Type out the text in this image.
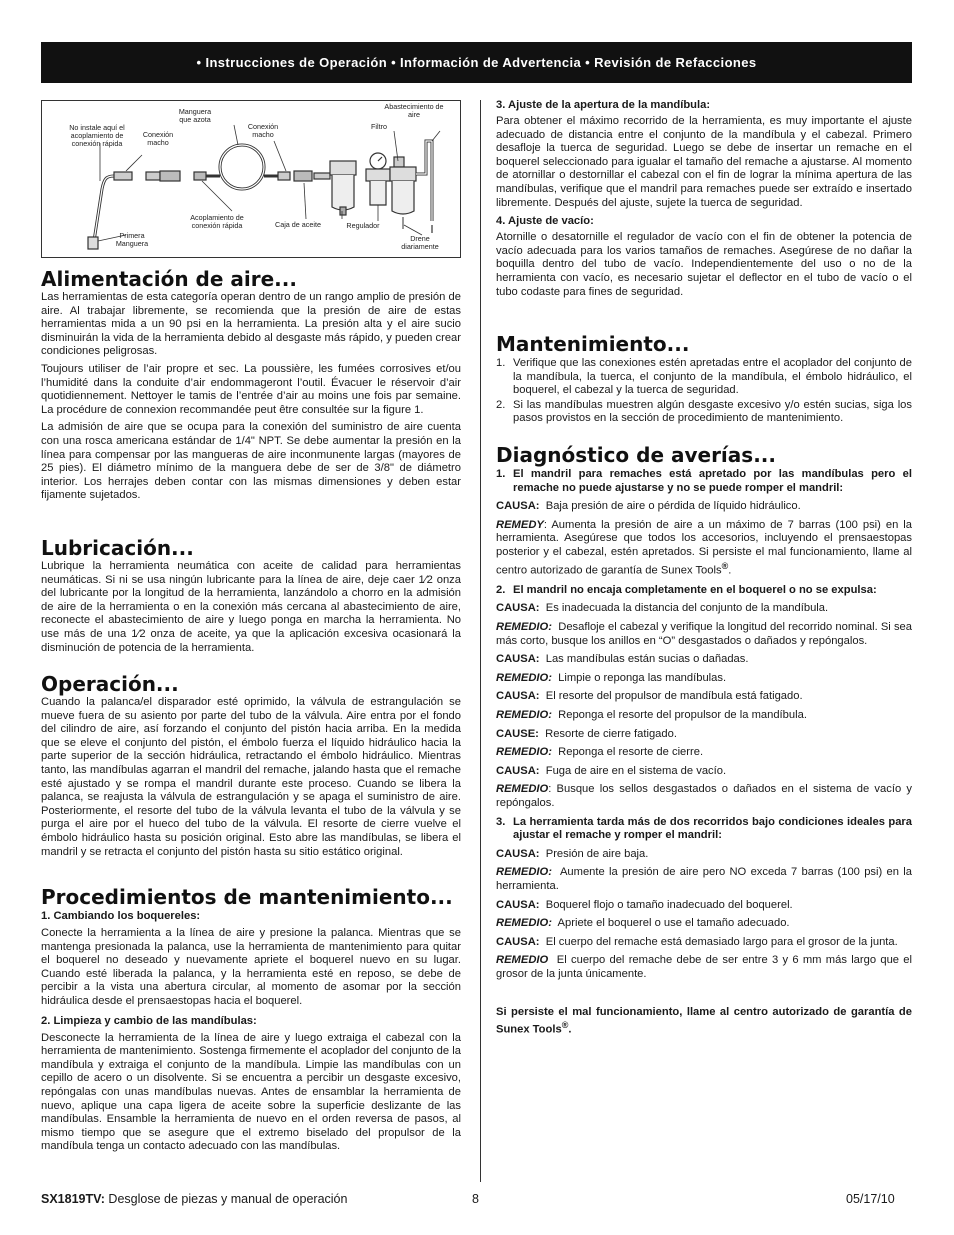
• Instrucciones de Operación • Información de Advertencia • Revisión de Refacciones
No instale aquí el acoplamiento de conexión rápida
Conexión macho
Manguera que azota
Conexión macho
Abastecimiento de aire
Filtro
Primera Manguera
Acoplamiento de conexión rápida	Caja de aceite	Regulador
Drene diariamente
Alimentación de aire...

Las herramientas de esta categoría operan dentro de un rango amplio de presión de aire. Al trabajar libremente, se recomienda que la presión de aire de estas herramientas mida a un 90 psi en la herramienta. La presión alta y el aire sucio disminuirán la vida de la herramienta debido al desgaste más rápido, y pueden crear condiciones peligrosas.

Toujours utiliser de l’air propre et sec. La poussière, les fumées corrosives et/ou l’humidité dans la conduite d’air endommageront l’outil. Évacuer le réservoir d’air quotidiennement. Nettoyer le tamis de l’entrée d’air au moins une fois par semaine. La procédure de connexion recommandée peut être consultée sur la figure 1.

La admisión de aire que se ocupa para la conexión del suministro de aire cuenta con una rosca americana estándar de 1/4" NPT. Se debe aumentar la presión en la línea para compensar por las mangueras de aire inconmunente largas (mayores de 25 pies). El diámetro mínimo de la manguera debe de ser de 3/8" de diámetro interior. Los herrajes deben contar con las mismas dimensiones y deben estar fijamente sujetados.

Lubricación...

Lubrique la herramienta neumática con aceite de calidad para herramientas neumáticas. Si ni se usa ningún lubricante para la línea de aire, deje caer 1⁄2 onza del lubricante por la longitud de la herramienta, lanzándolo a chorro en la admisión de aire de la herramienta o en la conexión más cercana al abastecimiento de aire, reconecte el abastecimiento de aire y luego ponga en marcha la herramienta. No use más de una 1⁄2 onza de aceite, ya que la aplicación excesiva ocasionará la disminución de potencia de la herramienta.

Operación...

Cuando la palanca/el disparador esté oprimido, la válvula de estrangulación se mueve fuera de su asiento por parte del tubo de la válvula. Aire entra por el fondo del cilindro de aire, así forzando el conjunto del pistón hacia arriba. En la medida que se eleve el conjunto del pistón, el émbolo fuerza el líquido hidráulico hacia la parte superior de la sección hidráulica, retractando el émbolo hidráulico. Mientras tanto, las mandíbulas agarran el mandril del remache, jalando hasta que el remache esté ajustado y se rompa el mandril durante este proceso. Cuando se libera la palanca, se reajusta la válvula de estrangulación y se apaga el suministro de aire. Posteriormente, el resorte del tubo de la válvula levanta el tubo de la válvula y se purga el aire por el hueco del tubo de la válvula. El resorte de cierre vuelve el émbolo hidráulico hasta su posición original. Esto abre las mandíbulas, se libera el mandril y se retracta el conjunto del pistón hasta su sitio estático original.

Procedimientos de mantenimiento...
1. Cambiando los boquereles:

Conecte la herramienta a la línea de aire y presione la palanca. Mientras que se mantenga presionada la palanca, use la herramienta de mantenimiento para quitar el boquerel no deseado y nuevamente apriete el boquerel nuevo en su lugar. Cuando esté liberada la palanca, y la herramienta esté en reposo, se debe de percibir a la vista una abertura circular, al momento de asomar por la sección hidráulica desde el prensaestopas hacia el boquerel.

2. Limpieza y cambio de las mandíbulas:

Desconecte la herramienta de la línea de aire y luego extraiga el cabezal con la herramienta de mantenimiento. Sostenga firmemente el acoplador del conjunto de la mandíbula y extraiga el conjunto de la mandíbula. Limpie las mandíbulas con un cepillo de acero o un disolvente. Si se encuentra a percibir un desgaste excesivo, repóngalas con unas mandíbulas nuevas. Antes de ensamblar la herramienta de nuevo, aplique una capa ligera de aceite sobre la superficie deslizante de las mandíbulas. Ensamble la herramienta de nuevo en el orden reversa de pasos, al mismo tiempo que se asegure que el extremo biselado del propulsor de la mandíbula tenga un contacto adecuado con las mandíbulas.

3. Ajuste de la apertura de la mandíbula:

Para obtener el máximo recorrido de la herramienta, es muy importante el ajuste adecuado de distancia entre el conjunto de la mandíbula y el cabezal. Primero desafloje la tuerca de seguridad. Luego se debe de insertar un remache en el boquerel seleccionado para igualar el tamaño del remache a ajustarse. Al momento de atornillar o destornillar el cabezal con el fin de lograr la mínima apertura de las mandíbulas, verifique que el mandril para remaches puede ser extraído e insertado libremente. Después del ajuste, sujete la tuerca de seguridad.

4. Ajuste de vacío:

Atornille o desatornille el regulador de vacío con el fin de obtener la potencia de vacío adecuada para los varios tamaños de remaches. Asegúrese de no dañar la boquilla dentro del tubo de vacío. Independientemente del uso o no de la herramienta con vacío, es necesario sujetar el deflector en el tubo de vacío o el tubo codaste para fines de seguridad.

Mantenimiento...
1. Verifique que las conexiones estén apretadas entre el acoplador del conjunto de la mandíbula, la tuerca, el conjunto de la mandíbula, el émbolo hidráulico, el boquerel, el cabezal y la tuerca de seguridad.
2. Si las mandíbulas muestren algún desgaste excesivo y/o estén sucias, siga los pasos provistos en la sección de procedimiento de mantenimiento.
Diagnóstico de averías...
1. El mandril para remaches está apretado por las mandíbulas pero el remache no puede ajustarse y no se puede romper el mandril:
CAUSA: Baja presión de aire o pérdida de líquido hidráulico.
REMEDY: Aumenta la presión de aire a un máximo de 7 barras (100 psi) en la herramienta. Asegúrese que todos los accesorios, incluyendo el prensaestopas posterior y el cabezal, estén apretados. Si persiste el mal funcionamiento, llame al centro autorizado de garantía de Sunex Tools®.
2. El mandril no encaja completamente en el boquerel o no se expulsa:
CAUSA: Es inadecuada la distancia del conjunto de la mandíbula.
REMEDIO: Desafloje el cabezal y verifique la longitud del recorrido nominal. Si sea más corto, busque los anillos en “O” desgastados o dañados y repóngalos.
CAUSA: Las mandíbulas están sucias o dañadas.
REMEDIO: Limpie o reponga las mandíbulas.
CAUSA: El resorte del propulsor de mandíbula está fatigado.
REMEDIO: Reponga el resorte del propulsor de la mandíbula.
CAUSE: Resorte de cierre fatigado.
REMEDIO: Reponga el resorte de cierre.
CAUSA: Fuga de aire en el sistema de vacío.
REMEDIO: Busque los sellos desgastados o dañados en el sistema de vacío y repóngalos.
3. La herramienta tarda más de dos recorridos bajo condiciones ideales para ajustar el remache y romper el mandril:
CAUSA: Presión de aire baja.
REMEDIO: Aumente la presión de aire pero NO exceda 7 barras (100 psi) en la herramienta.
CAUSA: Boquerel flojo o tamaño inadecuado del boquerel.
REMEDIO: Apriete el boquerel o use el tamaño adecuado.
CAUSA: El cuerpo del remache está demasiado largo para el grosor de la junta.
REMEDIO El cuerpo del remache debe de ser entre 3 y 6 mm más largo que el grosor de la junta únicamente.
Si persiste el mal funcionamiento, llame al centro autorizado de garantía de Sunex Tools®.
SX1819TV: Desglose de piezas y manual de operación	8	05/17/10
